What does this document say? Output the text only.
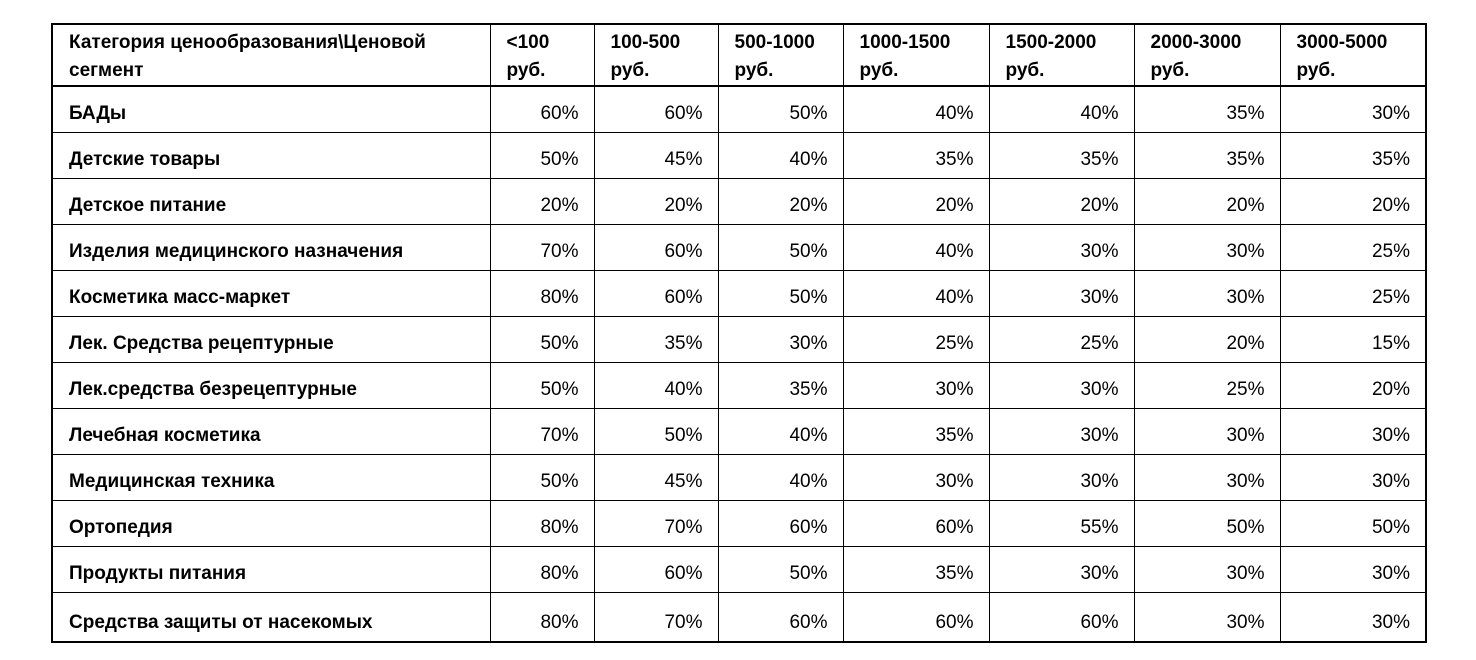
Категория ценообразования\Ценовой сегмент	<100 руб.	100-500 руб.	500-1000 руб.	1000-1500 руб.	1500-2000 руб.	2000-3000 руб.	3000-5000 руб.
БАДы	60%	60%	50%	40%	40%	35%	30%
Детские товары	50%	45%	40%	35%	35%	35%	35%
Детское питание	20%	20%	20%	20%	20%	20%	20%
Изделия медицинского назначения	70%	60%	50%	40%	30%	30%	25%
Косметика масс-маркет	80%	60%	50%	40%	30%	30%	25%
Лек. Средства рецептурные	50%	35%	30%	25%	25%	20%	15%
Лек.средства безрецептурные	50%	40%	35%	30%	30%	25%	20%
Лечебная косметика	70%	50%	40%	35%	30%	30%	30%
Медицинская техника	50%	45%	40%	30%	30%	30%	30%
Ортопедия	80%	70%	60%	60%	55%	50%	50%
Продукты питания	80%	60%	50%	35%	30%	30%	30%
Средства защиты от насекомых	80%	70%	60%	60%	60%	30%	30%
